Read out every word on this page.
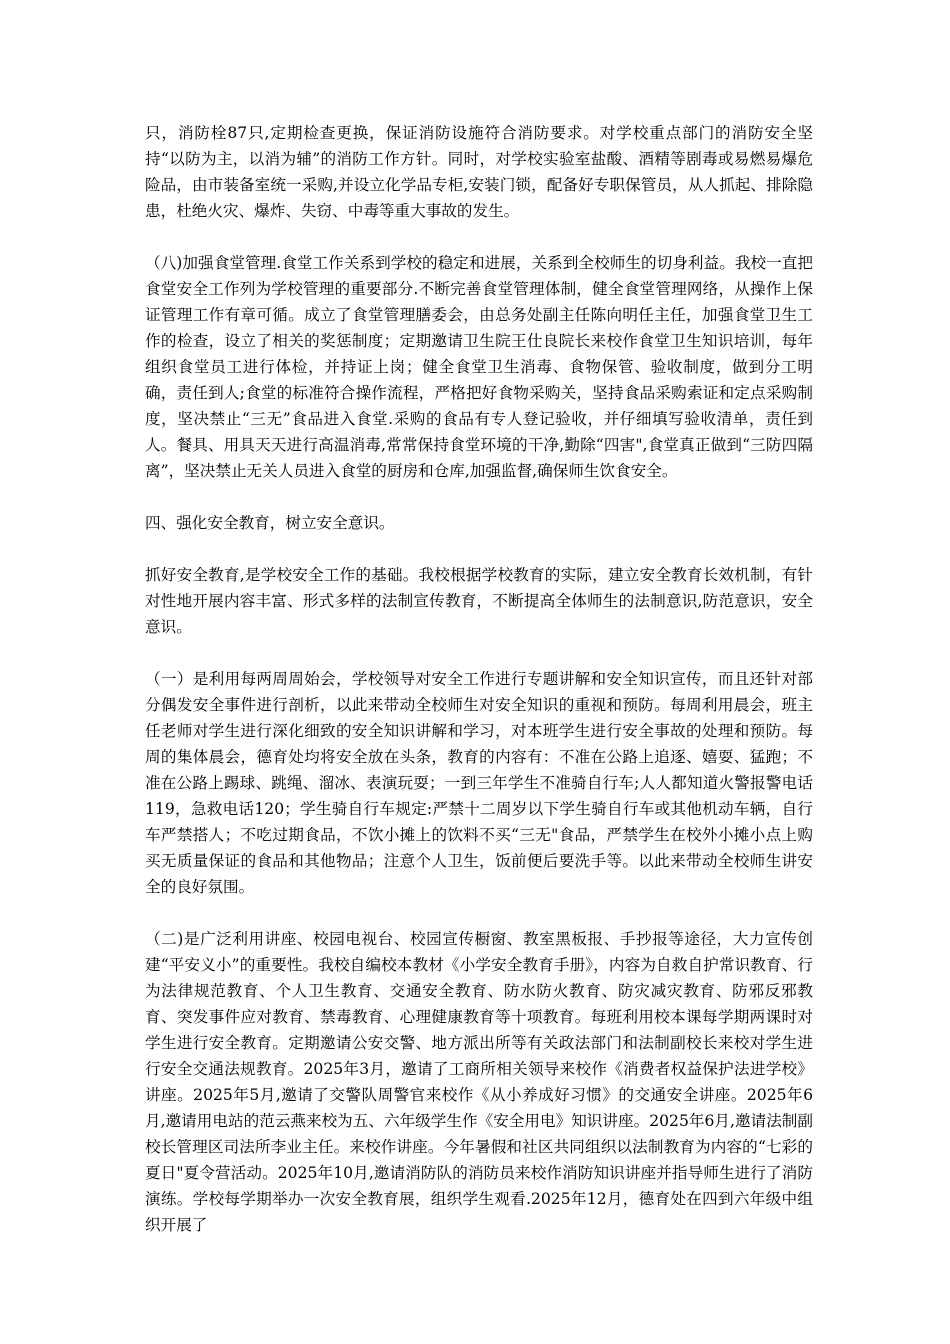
只，消防栓87只,定期检查更换，保证消防设施符合消防要求。对学校重点部门的消防安全坚持“以防为主，以消为辅”的消防工作方针。同时，对学校实验室盐酸、酒精等剧毒或易燃易爆危险品，由市装备室统一采购,并设立化学品专柜,安装门锁，配备好专职保管员，从人抓起、排除隐患，杜绝火灾、爆炸、失窃、中毒等重大事故的发生。

（八)加强食堂管理.食堂工作关系到学校的稳定和进展，关系到全校师生的切身利益。我校一直把食堂安全工作列为学校管理的重要部分.不断完善食堂管理体制，健全食堂管理网络，从操作上保证管理工作有章可循。成立了食堂管理膳委会，由总务处副主任陈向明任主任，加强食堂卫生工作的检查，设立了相关的奖惩制度；定期邀请卫生院王仕良院长来校作食堂卫生知识培训，每年组织食堂员工进行体检，并持证上岗；健全食堂卫生消毒、食物保管、验收制度，做到分工明确，责任到人;食堂的标准符合操作流程，严格把好食物采购关，坚持食品采购索证和定点采购制度，坚决禁止“三无”食品进入食堂.采购的食品有专人登记验收，并仔细填写验收清单，责任到人。餐具、用具天天进行高温消毒,常常保持食堂环境的干净,勤除“四害",食堂真正做到“三防四隔离”，坚决禁止无关人员进入食堂的厨房和仓库,加强监督,确保师生饮食安全。

四、强化安全教育，树立安全意识。

抓好安全教育,是学校安全工作的基础。我校根据学校教育的实际，建立安全教育长效机制，有针对性地开展内容丰富、形式多样的法制宣传教育，不断提高全体师生的法制意识,防范意识，安全意识。

（一）是利用每两周周始会，学校领导对安全工作进行专题讲解和安全知识宣传，而且还针对部分偶发安全事件进行剖析，以此来带动全校师生对安全知识的重视和预防。每周利用晨会，班主任老师对学生进行深化细致的安全知识讲解和学习，对本班学生进行安全事故的处理和预防。每周的集体晨会，德育处均将安全放在头条，教育的内容有：不准在公路上追逐、嬉耍、猛跑；不准在公路上踢球、跳绳、溜冰、表演玩耍；一到三年学生不准骑自行车;人人都知道火警报警电话119，急救电话120；学生骑自行车规定:严禁十二周岁以下学生骑自行车或其他机动车辆，自行车严禁搭人；不吃过期食品，不饮小摊上的饮料不买“三无"食品，严禁学生在校外小摊小点上购买无质量保证的食品和其他物品；注意个人卫生，饭前便后要洗手等。以此来带动全校师生讲安全的良好氛围。

（二)是广泛利用讲座、校园电视台、校园宣传橱窗、教室黑板报、手抄报等途径，大力宣传创建“平安义小”的重要性。我校自编校本教材《小学安全教育手册》，内容为自救自护常识教育、行为法律规范教育、个人卫生教育、交通安全教育、防水防火教育、防灾减灾教育、防邪反邪教育、突发事件应对教育、禁毒教育、心理健康教育等十项教育。每班利用校本课每学期两课时对学生进行安全教育。定期邀请公安交警、地方派出所等有关政法部门和法制副校长来校对学生进行安全交通法规教育。2025年3月，邀请了工商所相关领导来校作《消费者权益保护法进学校》讲座。2025年5月,邀请了交警队周警官来校作《从小养成好习惯》的交通安全讲座。2025年6月,邀请用电站的范云燕来校为五、六年级学生作《安全用电》知识讲座。2025年6月,邀请法制副校长管理区司法所李业主任。来校作讲座。今年暑假和社区共同组织以法制教育为内容的“七彩的夏日"夏令营活动。2025年10月,邀请消防队的消防员来校作消防知识讲座并指导师生进行了消防演练。学校每学期举办一次安全教育展，组织学生观看.2025年12月，德育处在四到六年级中组织开展了
